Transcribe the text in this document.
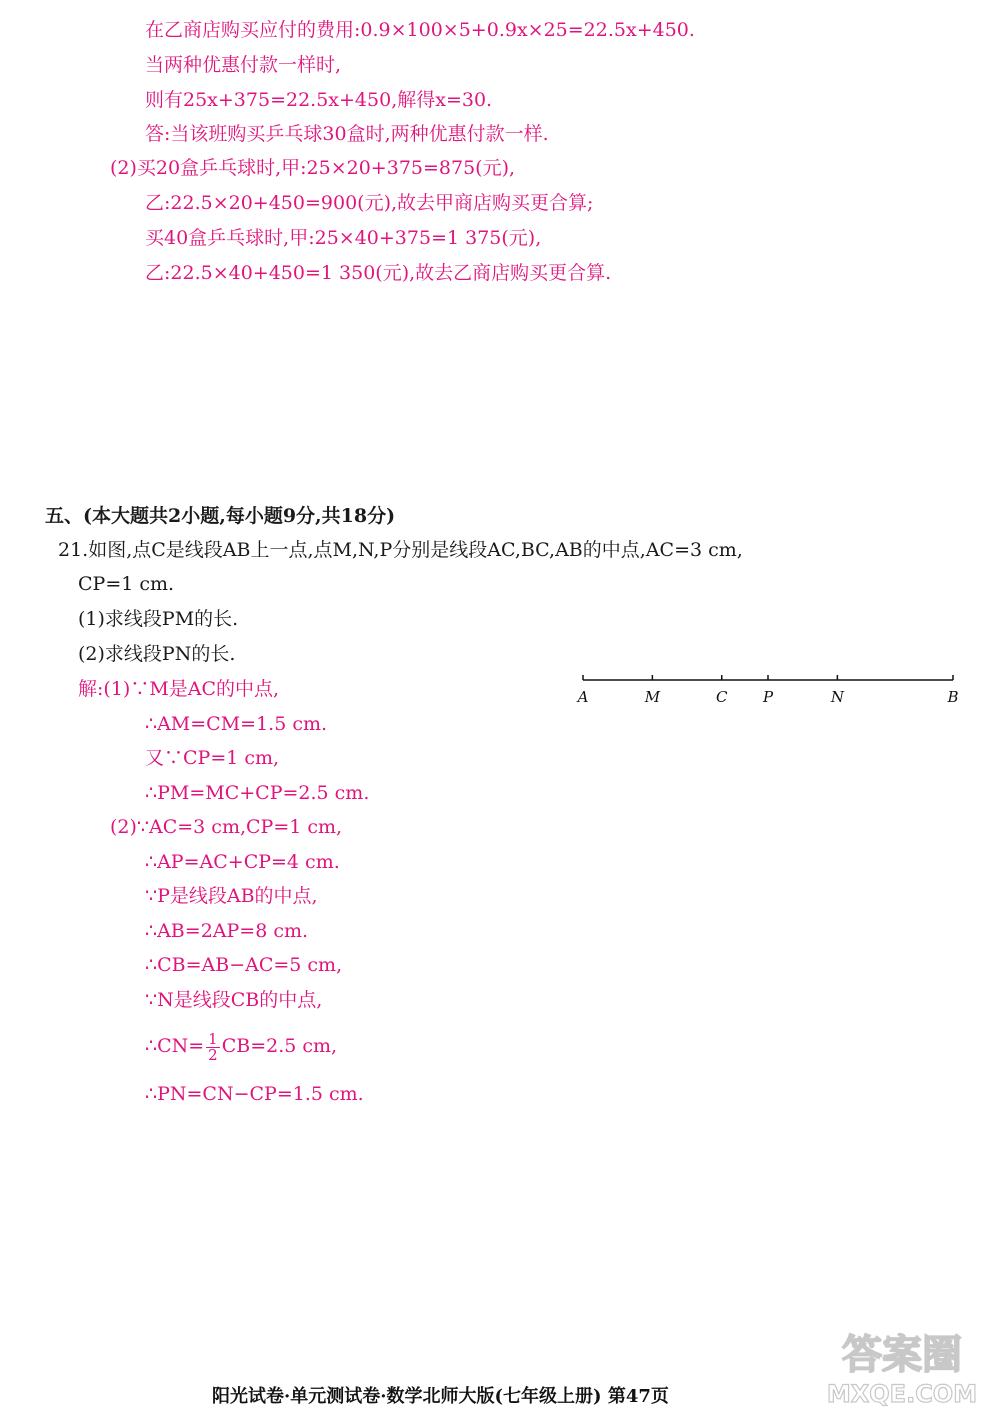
在乙商店购买应付的费用:0.9×100×5+0.9x×25=22.5x+450.
当两种优惠付款一样时,
则有25x+375=22.5x+450,解得x=30.
答:当该班购买乒乓球30盒时,两种优惠付款一样.
(2)买20盒乒乓球时,甲:25×20+375=875(元),
乙:22.5×20+450=900(元),故去甲商店购买更合算;
买40盒乒乓球时,甲:25×40+375=1 375(元),
乙:22.5×40+450=1 350(元),故去乙商店购买更合算.
五、(本大题共2小题,每小题9分,共18分)
21.如图,点C是线段AB上一点,点M,N,P分别是线段AC,BC,AB的中点,AC=3 cm,
CP=1 cm.
(1)求线段PM的长.
(2)求线段PN的长.
A	M	C P	N	B
解:(1)∵M是AC的中点,
∴AM=CM=1.5 cm.
又∵CP=1 cm,
∴PM=MC+CP=2.5 cm.
(2)∵AC=3 cm,CP=1 cm,
∴AP=AC+CP=4 cm.
∵P是线段AB的中点,
∴AB=2AP=8 cm.
∴CB=AB−AC=5 cm,
∵N是线段CB的中点,
∴CN= $\frac{1}{2} CB=2.5$ cm,
∴PN=CN−CP=1.5 cm.
答案圈
MXQE.COM
阳光试卷·单元测试卷·数学北师大版(七年级上册) 第47页
